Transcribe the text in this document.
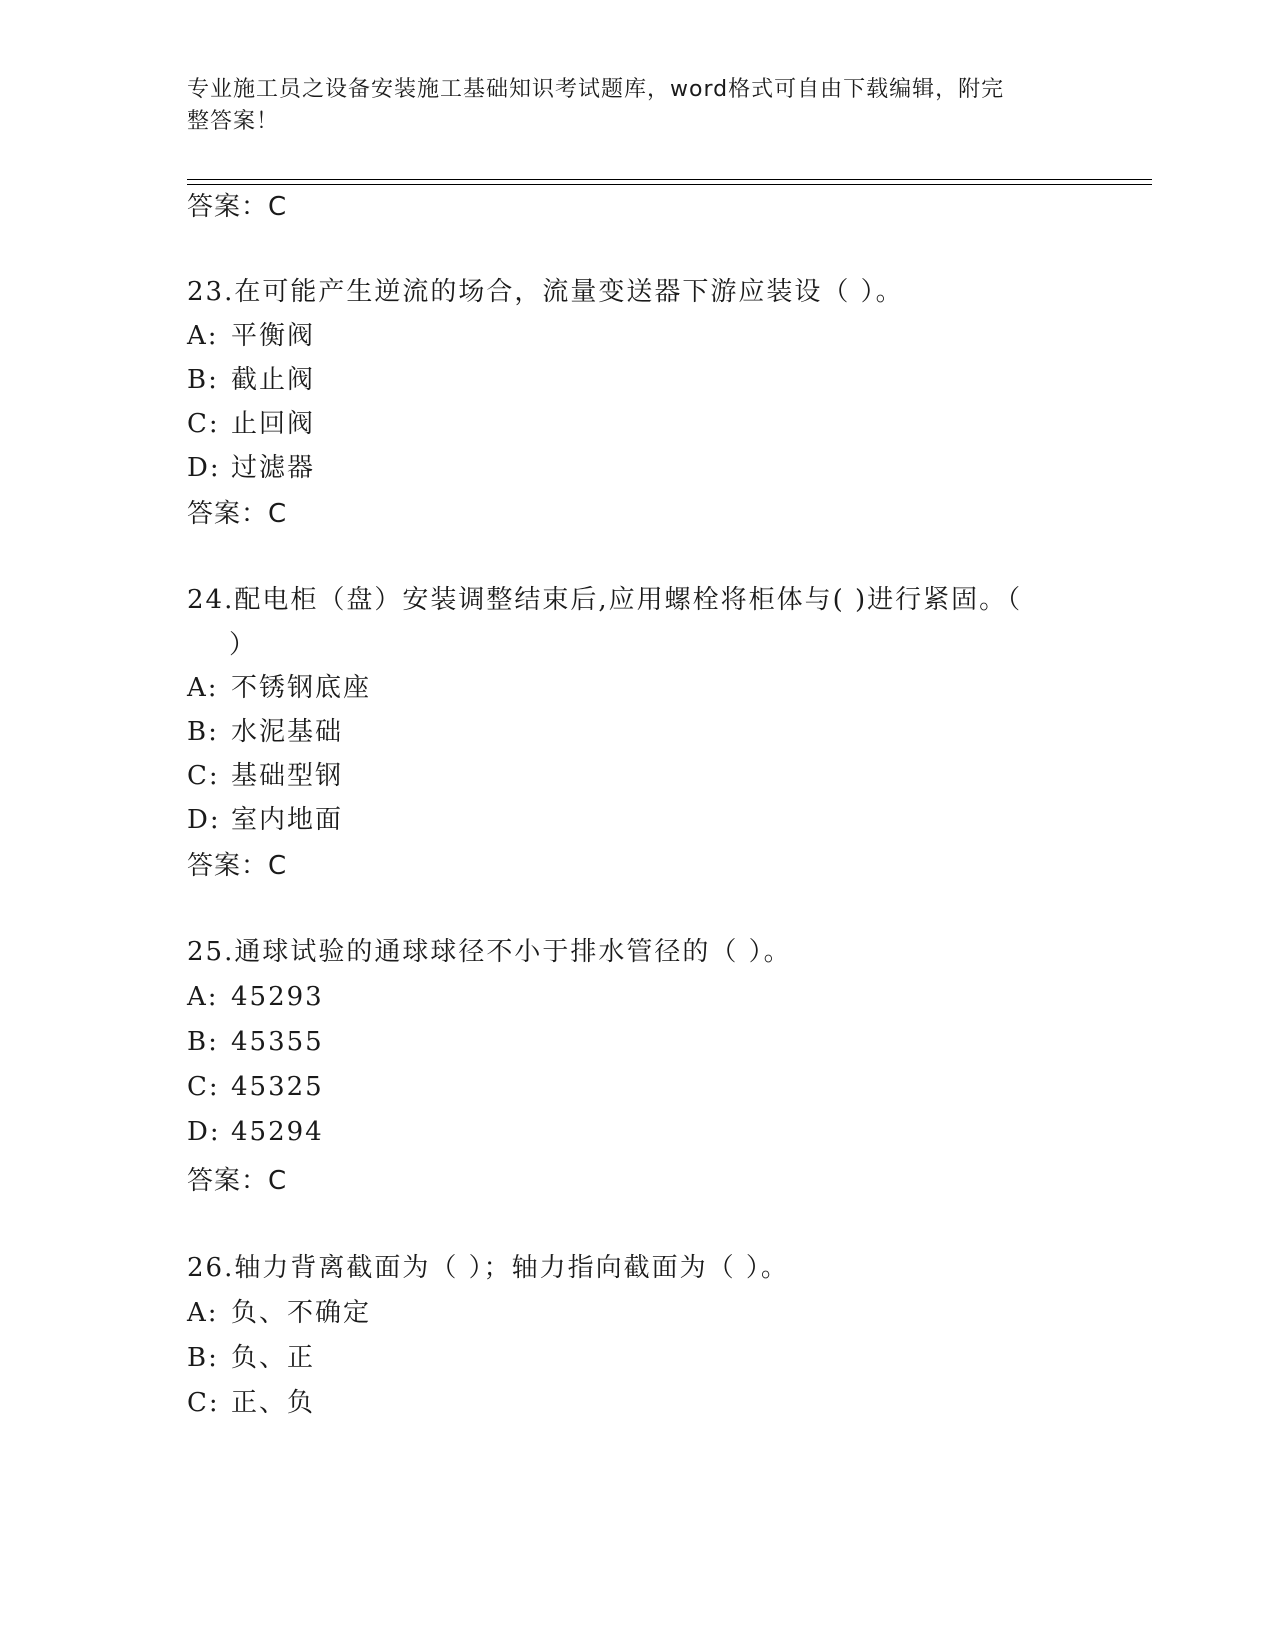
专业施工员之设备安装施工基础知识考试题库，word格式可自由下载编辑，附完
整答案！
答案：C
23.在可能产生逆流的场合，流量变送器下游应装设（ ）。
A: 平衡阀
B: 截止阀
C: 止回阀
D: 过滤器
答案：C
24.配电柜（盘）安装调整结束后,应用螺栓将柜体与( )进行紧固。（
）
A: 不锈钢底座
B: 水泥基础
C: 基础型钢
D: 室内地面
答案：C
25.通球试验的通球球径不小于排水管径的（ ）。
A: 45293
B: 45355
C: 45325
D: 45294
答案：C
26.轴力背离截面为（ ）；轴力指向截面为（ ）。
A: 负、不确定
B: 负、正
C: 正、负
